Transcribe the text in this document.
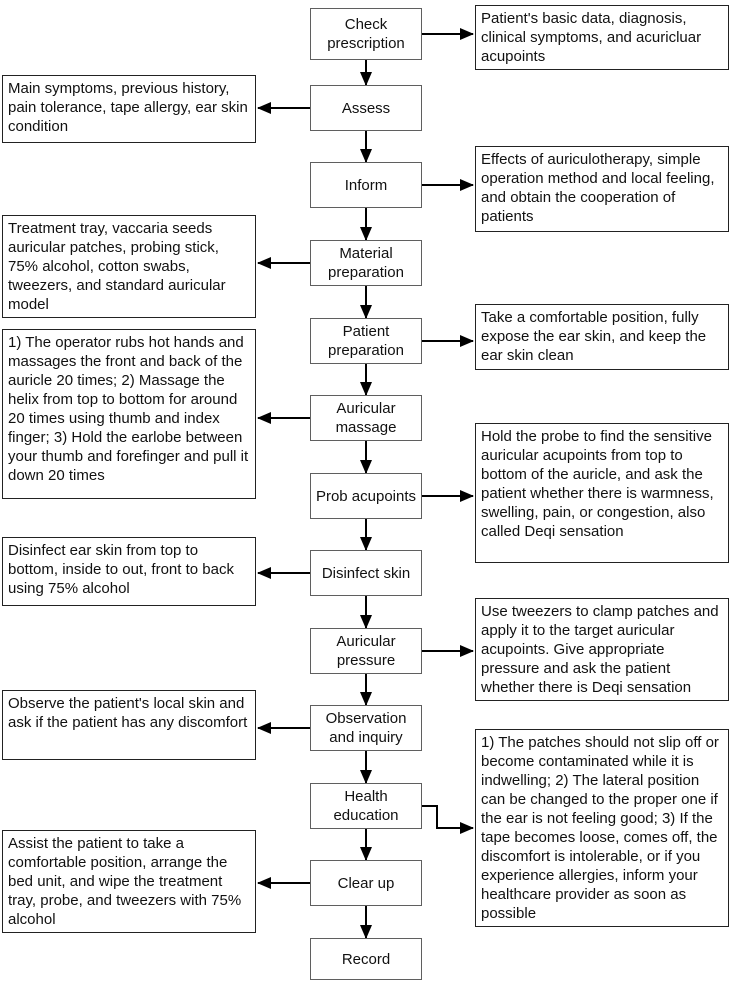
Check prescription
Assess
Inform
Material preparation
Patient preparation
Auricular massage
Prob acupoints
Disinfect skin
Auricular pressure
Observation and inquiry
Health education
Clear up
Record
Main symptoms, previous history, pain tolerance, tape allergy, ear skin condition
Treatment tray, vaccaria seeds auricular patches, probing stick, 75% alcohol, cotton swabs, tweezers, and standard auricular model
1) The operator rubs hot hands and massages the front and back of the auricle 20 times; 2) Massage the helix from top to bottom for around 20 times using thumb and index finger; 3) Hold the earlobe between your thumb and forefinger and pull it down 20 times
Disinfect ear skin from top to bottom, inside to out, front to back using 75% alcohol
Observe the patient's local skin and ask if the patient has any discomfort
Assist the patient to take a comfortable position, arrange the bed unit, and wipe the treatment tray, probe, and tweezers with 75% alcohol
Patient's basic data, diagnosis, clinical symptoms, and acuricluar acupoints
Effects of auriculotherapy, simple operation method and local feeling, and obtain the cooperation of patients
Take a comfortable position, fully expose the ear skin, and keep the ear skin clean
Hold the probe to find the sensitive auricular acupoints from top to bottom of the auricle, and ask the patient whether there is warmness, swelling, pain, or congestion, also called Deqi sensation
Use tweezers to clamp patches and apply it to the target auricular acupoints. Give appropriate pressure and ask the patient whether there is Deqi sensation
1) The patches should not slip off or become contaminated while it is indwelling; 2) The lateral position can be changed to the proper one if the ear is not feeling good; 3) If the tape becomes loose, comes off, the discomfort is intolerable, or if you experience allergies, inform your healthcare provider as soon as possible
